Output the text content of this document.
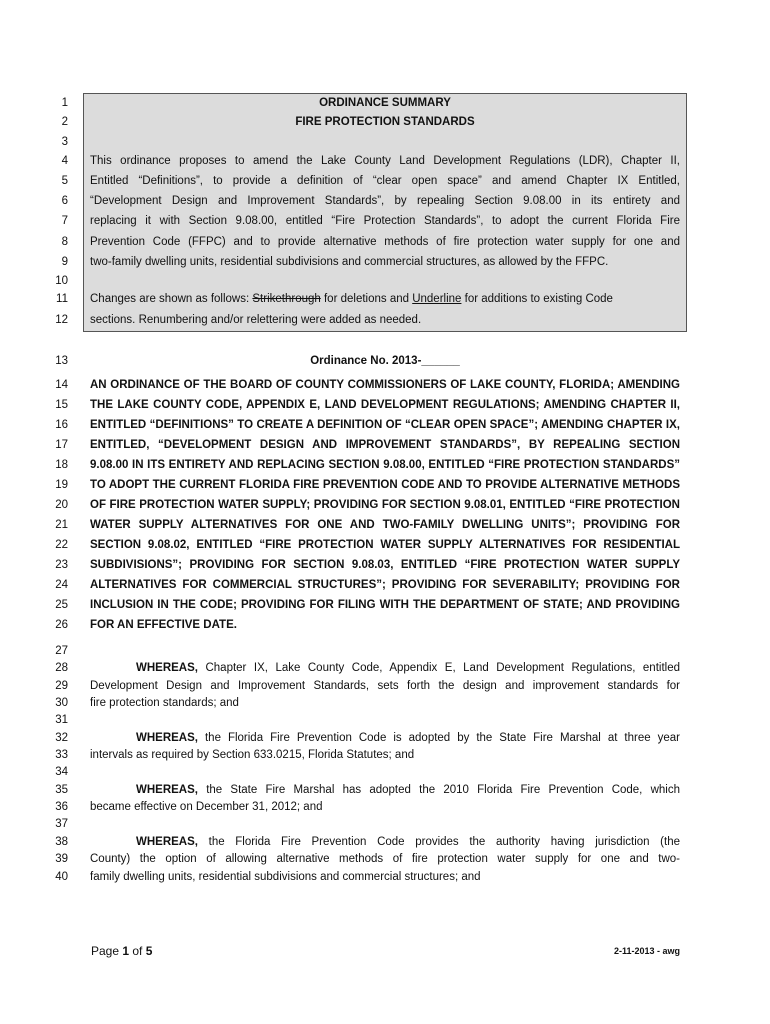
1
2
3
4
5
6
7
8
9
10
11
12
13
14
15
16
17
18
19
20
21
22
23
24
25
26
27
28
29
30
31
32
33
34
35
36
37
38
39
40
ORDINANCE SUMMARY
FIRE PROTECTION STANDARDS
This ordinance proposes to amend the Lake County Land Development Regulations (LDR), Chapter II,
Entitled “Definitions”, to provide a definition of “clear open space” and amend Chapter IX Entitled,
“Development Design and Improvement Standards”, by repealing Section 9.08.00 in its entirety and
replacing it with Section 9.08.00, entitled “Fire Protection Standards”, to adopt the current Florida Fire
Prevention Code (FFPC) and to provide alternative methods of fire protection water supply for one and
two-family dwelling units, residential subdivisions and commercial structures, as allowed by the FFPC.
Changes are shown as follows: Strikethrough for deletions and Underline for additions to existing Code
sections. Renumbering and/or relettering were added as needed.
Ordinance No. 2013-______
AN ORDINANCE OF THE BOARD OF COUNTY COMMISSIONERS OF LAKE COUNTY, FLORIDA; AMENDING
THE LAKE COUNTY CODE, APPENDIX E, LAND DEVELOPMENT REGULATIONS; AMENDING CHAPTER II,
ENTITLED “DEFINITIONS” TO CREATE A DEFINITION OF “CLEAR OPEN SPACE”; AMENDING CHAPTER IX,
ENTITLED, “DEVELOPMENT DESIGN AND IMPROVEMENT STANDARDS”, BY REPEALING SECTION
9.08.00 IN ITS ENTIRETY AND REPLACING SECTION 9.08.00, ENTITLED “FIRE PROTECTION STANDARDS”
TO ADOPT THE CURRENT FLORIDA FIRE PREVENTION CODE AND TO PROVIDE ALTERNATIVE METHODS
OF FIRE PROTECTION WATER SUPPLY; PROVIDING FOR SECTION 9.08.01, ENTITLED “FIRE PROTECTION
WATER SUPPLY ALTERNATIVES FOR ONE AND TWO-FAMILY DWELLING UNITS”; PROVIDING FOR
SECTION 9.08.02, ENTITLED “FIRE PROTECTION WATER SUPPLY ALTERNATIVES FOR RESIDENTIAL
SUBDIVISIONS”; PROVIDING FOR SECTION 9.08.03, ENTITLED “FIRE PROTECTION WATER SUPPLY
ALTERNATIVES FOR COMMERCIAL STRUCTURES”; PROVIDING FOR SEVERABILITY; PROVIDING FOR
INCLUSION IN THE CODE; PROVIDING FOR FILING WITH THE DEPARTMENT OF STATE; AND PROVIDING
FOR AN EFFECTIVE DATE.
WHEREAS, Chapter IX, Lake County Code, Appendix E, Land Development Regulations, entitled
Development Design and Improvement Standards, sets forth the design and improvement standards for
fire protection standards; and
WHEREAS, the Florida Fire Prevention Code is adopted by the State Fire Marshal at three year
intervals as required by Section 633.0215, Florida Statutes; and
WHEREAS, the State Fire Marshal has adopted the 2010 Florida Fire Prevention Code, which
became effective on December 31, 2012; and
WHEREAS, the Florida Fire Prevention Code provides the authority having jurisdiction (the
County) the option of allowing alternative methods of fire protection water supply for one and two-
family dwelling units, residential subdivisions and commercial structures; and
Page 1 of 5	2-11-2013 - awg
